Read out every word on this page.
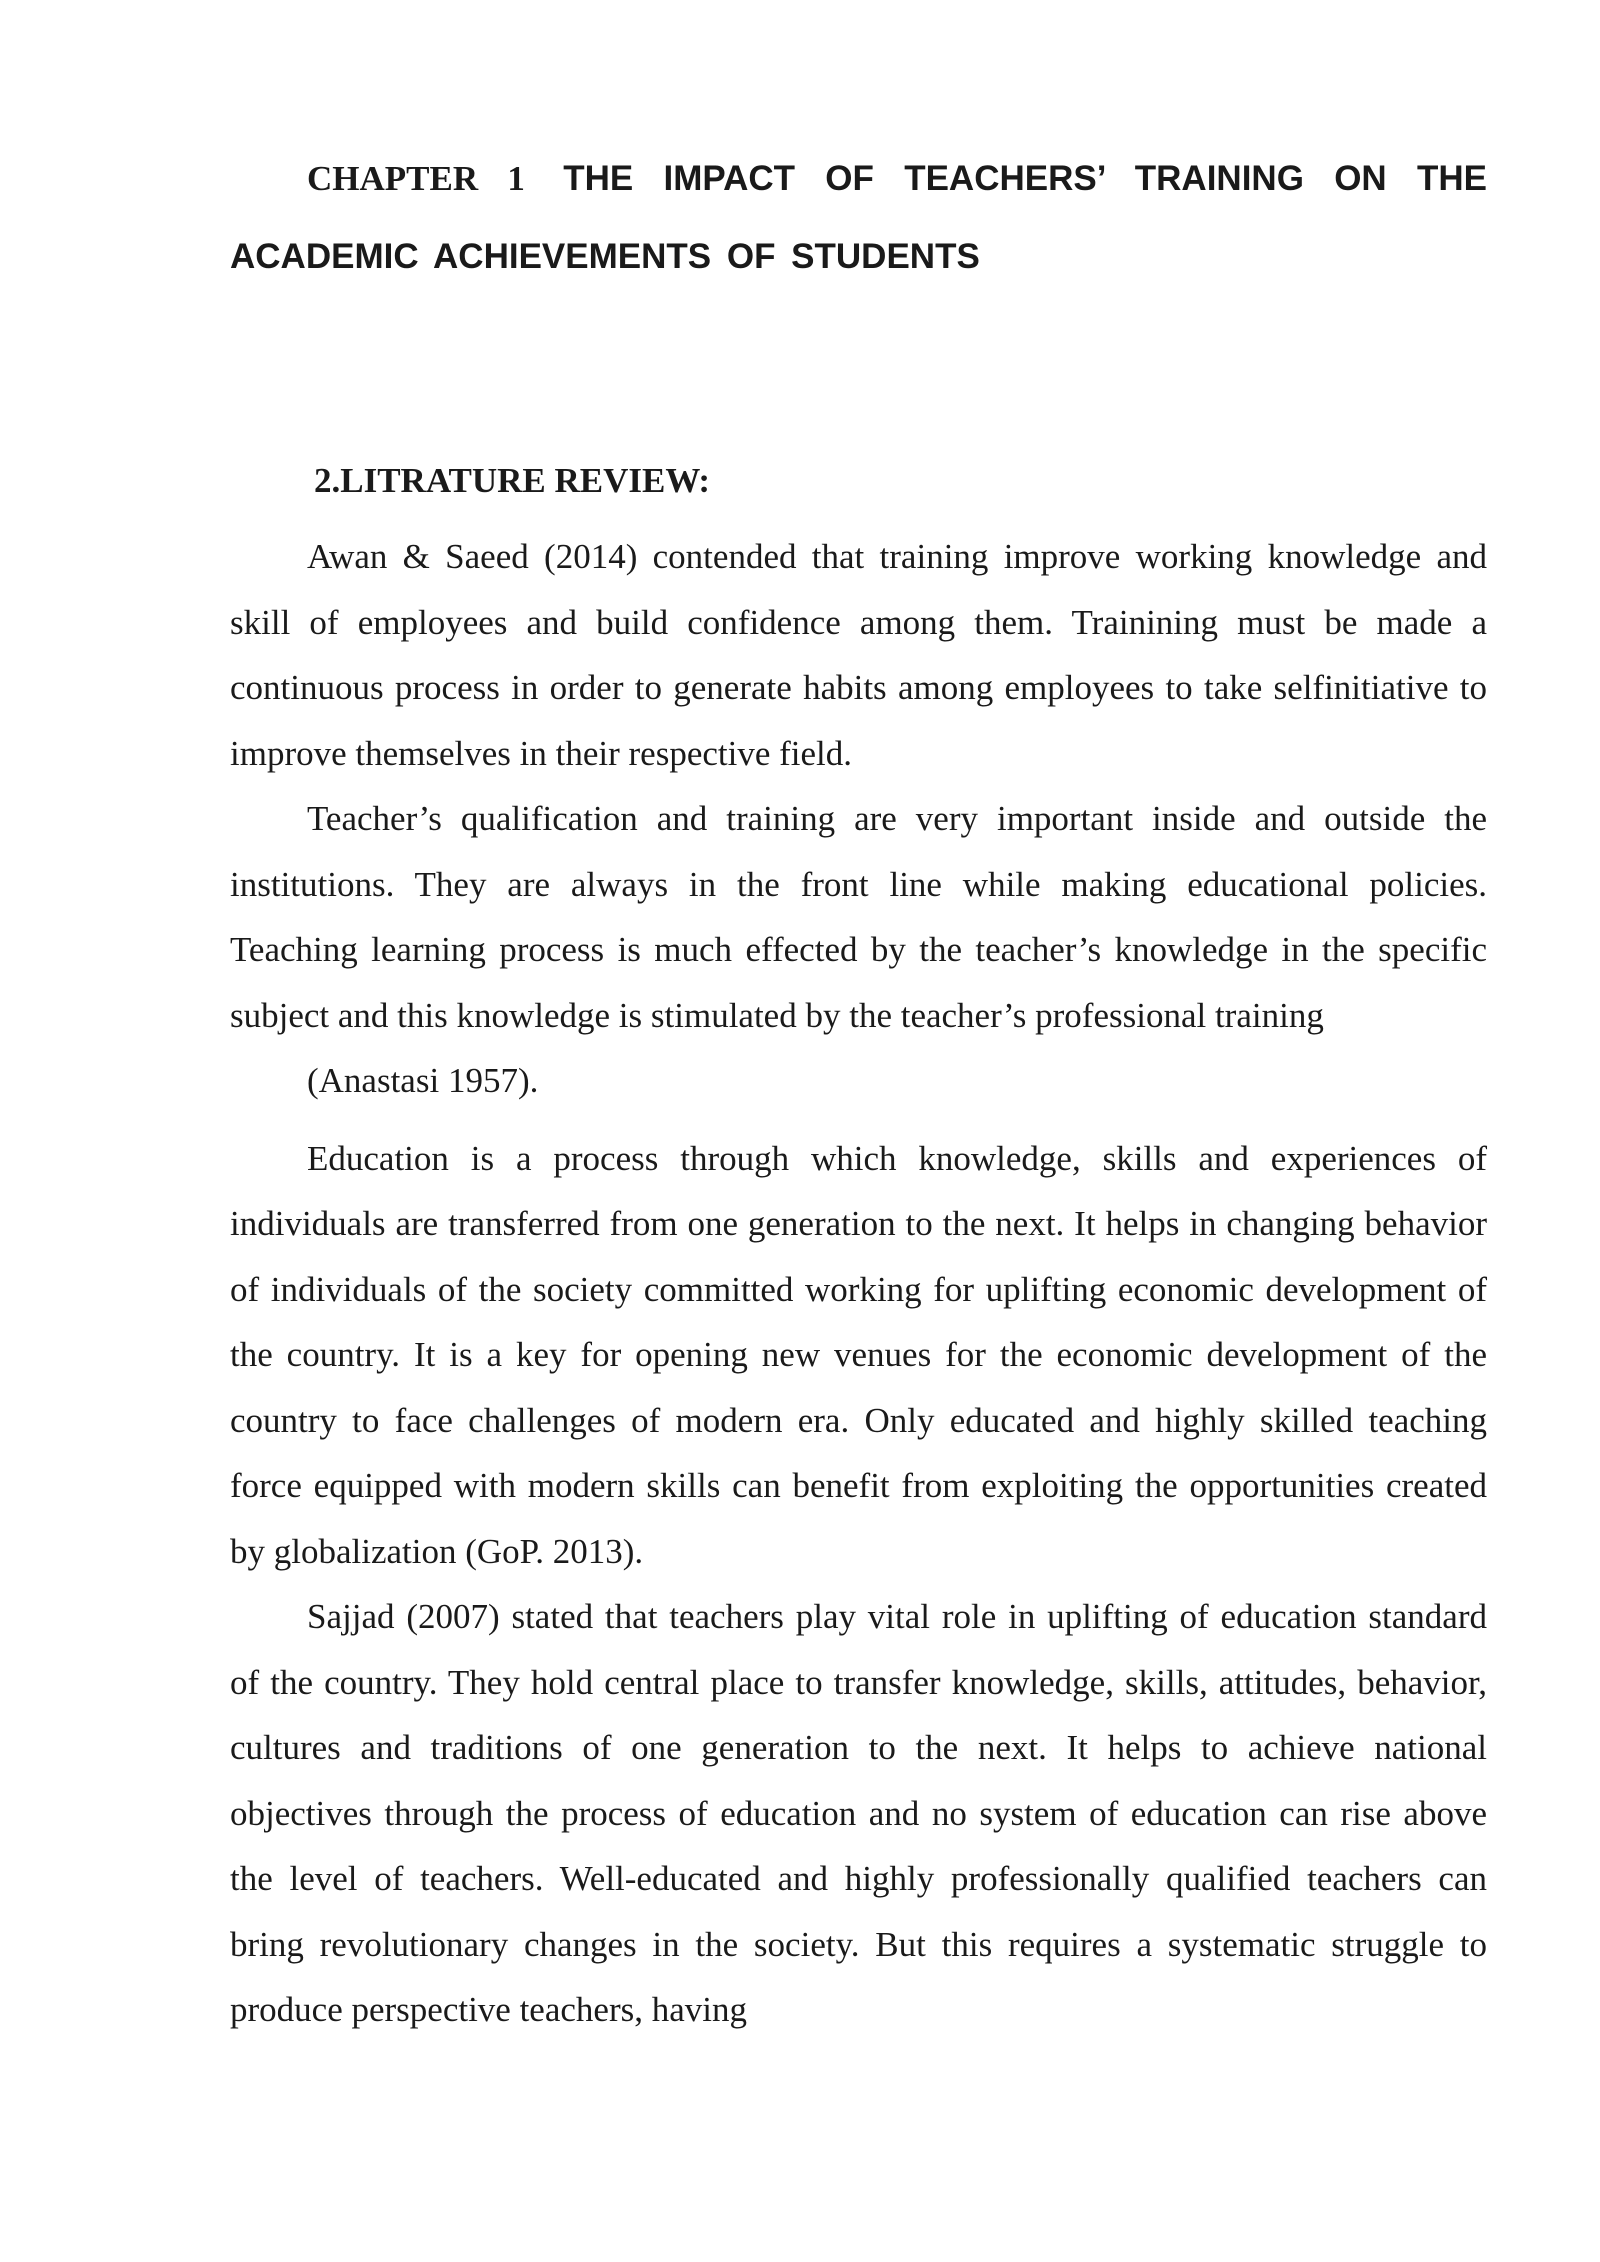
CHAPTER 1 THE IMPACT OF TEACHERS’ TRAINING ON THE ACADEMIC ACHIEVEMENTS OF STUDENTS
2.LITRATURE REVIEW:

Awan & Saeed (2014) contended that training improve working knowledge and skill of employees and build confidence among them. Trainining must be made a continuous process in order to generate habits among employees to take selfinitiative to improve themselves in their respective field.

Teacher’s qualification and training are very important inside and outside the institutions. They are always in the front line while making educational policies. Teaching learning process is much effected by the teacher’s knowledge in the specific subject and this knowledge is stimulated by the teacher’s professional training

(Anastasi 1957).

Education is a process through which knowledge, skills and experiences of individuals are transferred from one generation to the next. It helps in changing behavior of individuals of the society committed working for uplifting economic development of the country. It is a key for opening new venues for the economic development of the country to face challenges of modern era. Only educated and highly skilled teaching force equipped with modern skills can benefit from exploiting the opportunities created by globalization (GoP. 2013).

Sajjad (2007) stated that teachers play vital role in uplifting of education standard of the country. They hold central place to transfer knowledge, skills, attitudes, behavior, cultures and traditions of one generation to the next. It helps to achieve national objectives through the process of education and no system of education can rise above the level of teachers. Well-educated and highly professionally qualified teachers can bring revolutionary changes in the society. But this requires a systematic struggle to produce perspective teachers, having
